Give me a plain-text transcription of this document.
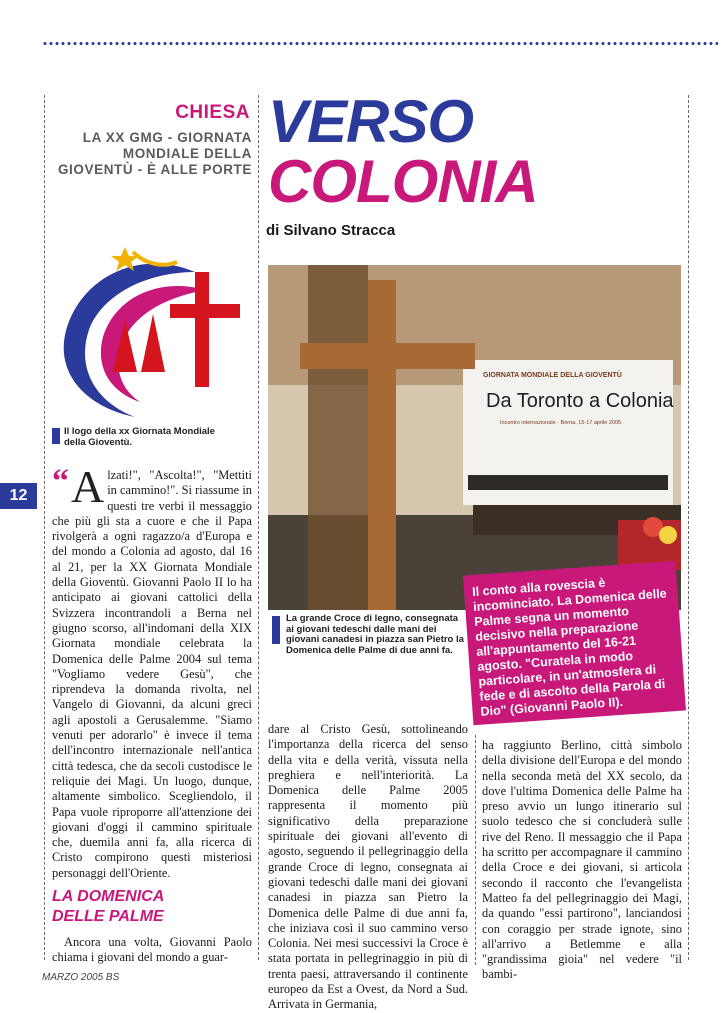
CHIESA
LA XX GMG - GIORNATA MONDIALE DELLA GIOVENTÙ - È ALLE PORTE
VERSO
COLONIA
di Silvano Stracca
Il logo della xx Giornata Mondiale della Gioventù.
12 “ A lzati!", "Ascolta!", "Mettiti in cammino!". Si riassume in questi tre verbi il messaggio che più gli sta a cuore e che il Papa rivolgerà a ogni ragazzo/a d'Europa e del mondo a Colonia ad agosto, dal 16 al 21, per la XX Giornata Mondiale della Gioventù. Giovanni Paolo II lo ha anticipato ai giovani cattolici della Svizzera incontrandoli a Berna nel giugno scorso, all'indomani della XIX Giornata mondiale celebrata la Domenica delle Palme 2004 sul tema "Vogliamo vedere Gesù", che riprendeva la domanda rivolta, nel Vangelo di Giovanni, da alcuni greci agli apostoli a Gerusalemme. "Siamo venuti per adorarlo" è invece il tema dell'incontro internazionale nell'antica città tedesca, che da secoli custodisce le reliquie dei Magi. Un luogo, dunque, altamente simbolico. Scegliendolo, il Papa vuole riproporre all'attenzione dei giovani d'oggi il cammino spirituale che, duemila anni fa, alla ricerca di Cristo compirono questi misteriosi personaggi dell'Oriente.
LA DOMENICA
DELLE PALME
Ancora una volta, Giovanni Paolo chiama i giovani del mondo a guar-
GIORNATA MONDIALE DELLA GIOVENTÙ
Da Toronto a Colonia
Incontro internazionale · Berna, 15-17 aprile 2005
La grande Croce di legno, consegnata ai giovani tedeschi dalle mani dei giovani canadesi in piazza san Pietro la Domenica delle Palme di due anni fa.
Il conto alla rovescia è incominciato. La Domenica delle Palme segna un momento decisivo nella preparazione all'appuntamento del 16-21 agosto. "Curatela in modo particolare, in un'atmosfera di fede e di ascolto della Parola di Dio" (Giovanni Paolo II).
dare al Cristo Gesù, sottolineando l'importanza della ricerca del senso della vita e della verità, vissuta nella preghiera e nell'interiorità. La Domenica delle Palme 2005 rappresenta il momento più significativo della preparazione spirituale dei giovani all'evento di agosto, seguendo il pellegrinaggio della grande Croce di legno, consegnata ai giovani tedeschi dalle mani dei giovani canadesi in piazza san Pietro la Domenica delle Palme di due anni fa, che iniziava così il suo cammino verso Colonia. Nei mesi successivi la Croce è stata portata in pellegrinaggio in più di trenta paesi, attraversando il continente europeo da Est a Ovest, da Nord a Sud. Arrivata in Germania,
ha raggiunto Berlino, città simbolo della divisione dell'Europa e del mondo nella seconda metà del XX secolo, da dove l'ultima Domenica delle Palme ha preso avvio un lungo itinerario sul suolo tedesco che si concluderà sulle rive del Reno. Il messaggio che il Papa ha scritto per accompagnare il cammino della Croce e dei giovani, si articola secondo il racconto che l'evangelista Matteo fa del pellegrinaggio dei Magi, da quando "essi partirono", lanciandosi con coraggio per strade ignote, sino all'arrivo a Betlemme e alla "grandissima gioia" nel vedere "il bambi-
MARZO 2005 BS
